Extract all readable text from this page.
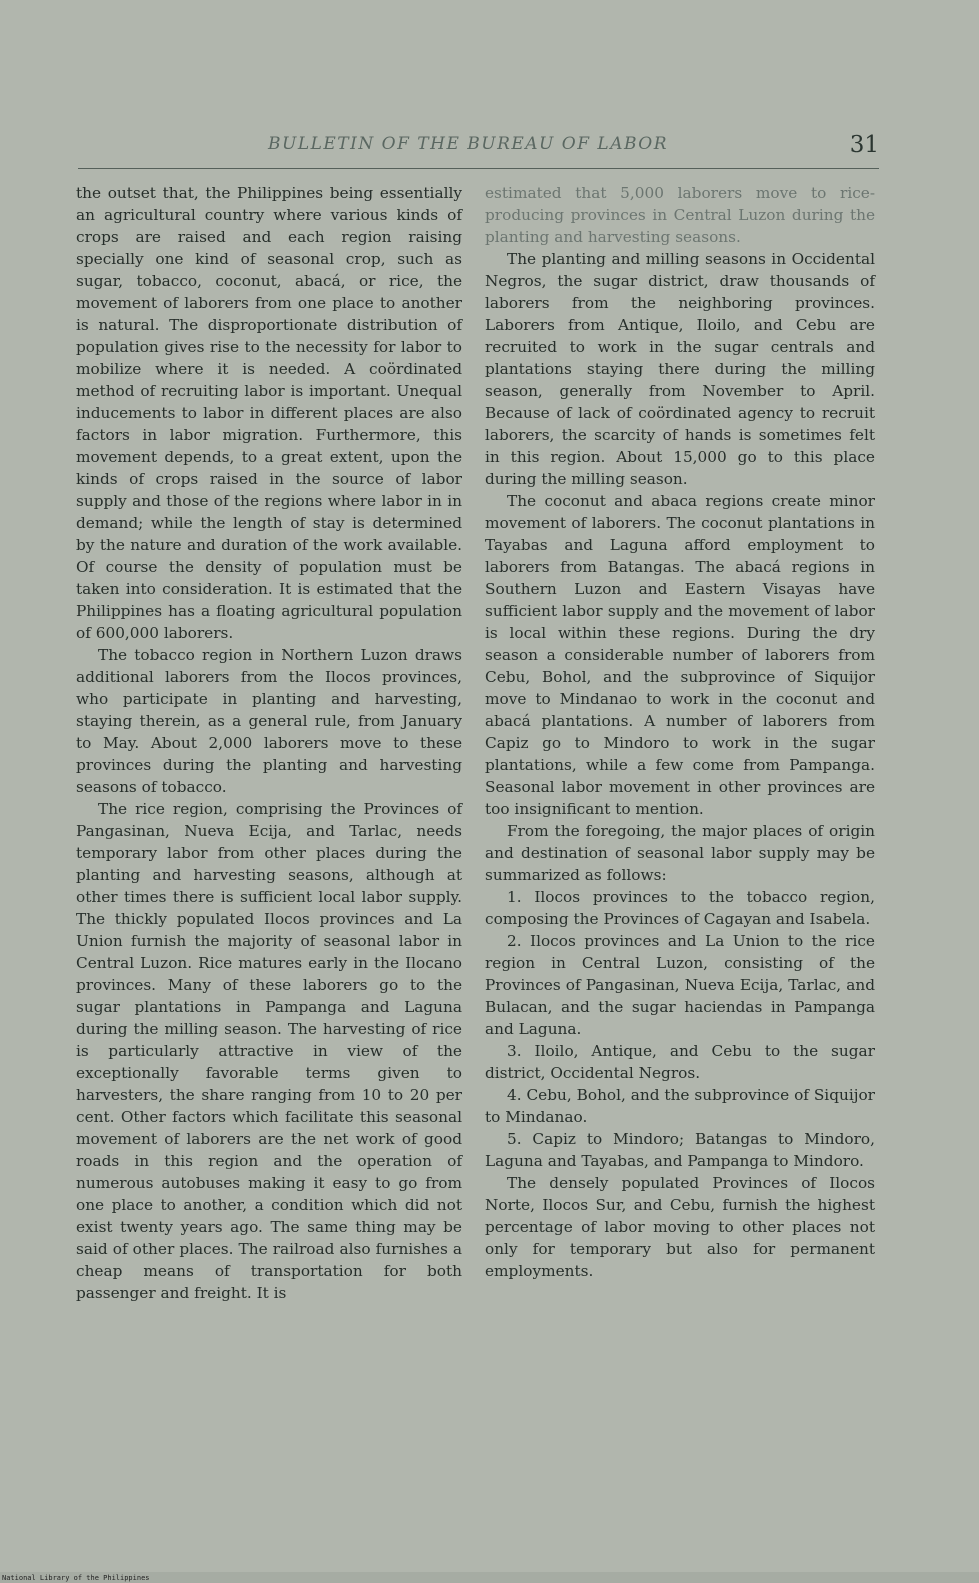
BULLETIN OF THE BUREAU OF LABOR	31

the outset that, the Philippines being essentially an agricultural country where various kinds of crops are raised and each region raising specially one kind of seasonal crop, such as sugar, tobacco, coconut, abacá, or rice, the movement of laborers from one place to another is natural. The disproportionate distribution of population gives rise to the necessity for labor to mobilize where it is needed. A coördinated method of recruiting labor is important. Unequal inducements to labor in different places are also factors in labor migration. Furthermore, this movement depends, to a great extent, upon the kinds of crops raised in the source of labor supply and those of the regions where labor in in demand; while the length of stay is determined by the nature and duration of the work available. Of course the density of population must be taken into consideration. It is estimated that the Philippines has a floating agricultural population of 600,000 laborers.

The tobacco region in Northern Luzon draws additional laborers from the Ilocos provinces, who participate in planting and harvesting, staying therein, as a general rule, from January to May. About 2,000 laborers move to these provinces during the planting and harvesting seasons of tobacco.

The rice region, comprising the Provinces of Pangasinan, Nueva Ecija, and Tarlac, needs temporary labor from other places during the planting and harvesting seasons, although at other times there is sufficient local labor supply. The thickly populated Ilocos provinces and La Union furnish the majority of seasonal labor in Central Luzon. Rice matures early in the Ilocano provinces. Many of these laborers go to the sugar plantations in Pampanga and Laguna during the milling season. The harvesting of rice is particularly attractive in view of the exceptionally favorable terms given to harvesters, the share ranging from 10 to 20 per cent. Other factors which facilitate this seasonal movement of laborers are the net work of good roads in this region and the operation of numerous autobuses making it easy to go from one place to another, a condition which did not exist twenty years ago. The same thing may be said of other places. The railroad also furnishes a cheap means of transportation for both passenger and freight. It is

estimated that 5,000 laborers move to rice-producing provinces in Central Luzon during the planting and harvesting seasons.

The planting and milling seasons in Occidental Negros, the sugar district, draw thousands of laborers from the neighboring provinces. Laborers from Antique, Iloilo, and Cebu are recruited to work in the sugar centrals and plantations staying there during the milling season, generally from November to April. Because of lack of coördinated agency to recruit laborers, the scarcity of hands is sometimes felt in this region. About 15,000 go to this place during the milling season.

The coconut and abaca regions create minor movement of laborers. The coconut plantations in Tayabas and Laguna afford employment to laborers from Batangas. The abacá regions in Southern Luzon and Eastern Visayas have sufficient labor supply and the movement of labor is local within these regions. During the dry season a considerable number of laborers from Cebu, Bohol, and the subprovince of Siquijor move to Mindanao to work in the coconut and abacá plantations. A number of laborers from Capiz go to Mindoro to work in the sugar plantations, while a few come from Pampanga. Seasonal labor movement in other provinces are too insignificant to mention.

From the foregoing, the major places of origin and destination of seasonal labor supply may be summarized as follows:

1. Ilocos provinces to the tobacco region, composing the Provinces of Cagayan and Isabela.

2. Ilocos provinces and La Union to the rice region in Central Luzon, consisting of the Provinces of Pangasinan, Nueva Ecija, Tarlac, and Bulacan, and the sugar haciendas in Pampanga and Laguna.

3. Iloilo, Antique, and Cebu to the sugar district, Occidental Negros.

4. Cebu, Bohol, and the subprovince of Siquijor to Mindanao.

5. Capiz to Mindoro; Batangas to Mindoro, Laguna and Tayabas, and Pampanga to Mindoro.

The densely populated Provinces of Ilocos Norte, Ilocos Sur, and Cebu, furnish the highest percentage of labor moving to other places not only for temporary but also for permanent employments.

National Library of the Philippines
